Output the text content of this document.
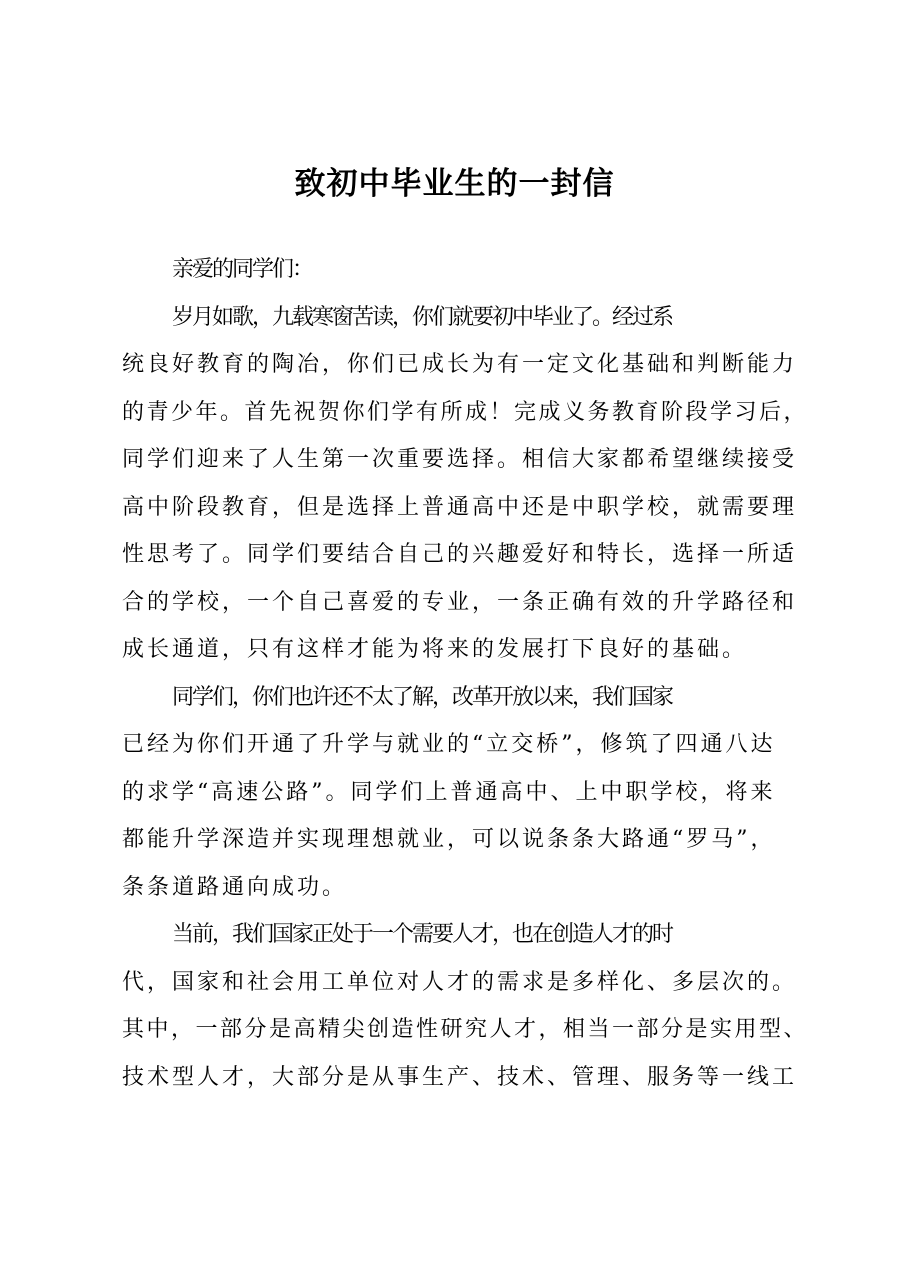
致初中毕业生的一封信
亲爱的同学们：
岁月如歌，九载寒窗苦读，你们就要初中毕业了。经过系
统良好教育的陶冶，你们已成长为有一定文化基础和判断能力
的青少年。首先祝贺你们学有所成！完成义务教育阶段学习后，
同学们迎来了人生第一次重要选择。相信大家都希望继续接受
高中阶段教育，但是选择上普通高中还是中职学校，就需要理
性思考了。同学们要结合自己的兴趣爱好和特长，选择一所适
合的学校，一个自己喜爱的专业，一条正确有效的升学路径和
成长通道，只有这样才能为将来的发展打下良好的基础。
同学们，你们也许还不太了解，改革开放以来，我们国家
已经为你们开通了升学与就业的“立交桥”，修筑了四通八达
的求学“高速公路”。同学们上普通高中、上中职学校，将来
都能升学深造并实现理想就业，可以说条条大路通“罗马”，
条条道路通向成功。
当前，我们国家正处于一个需要人才，也在创造人才的时
代，国家和社会用工单位对人才的需求是多样化、多层次的。
其中，一部分是高精尖创造性研究人才，相当一部分是实用型、
技术型人才，大部分是从事生产、技术、管理、服务等一线工
